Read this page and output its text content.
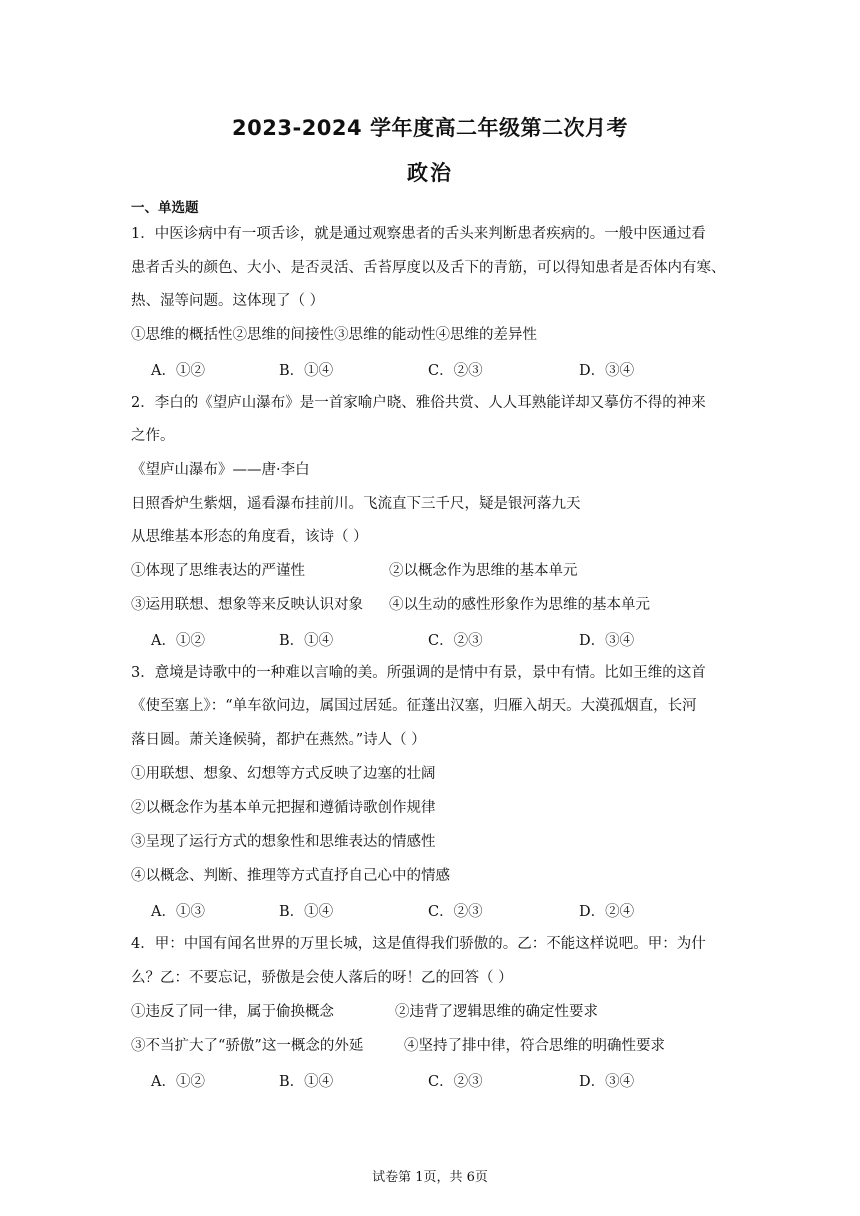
2023-2024 学年度高二年级第二次月考
政治
一、单选题
1．中医诊病中有一项舌诊，就是通过观察患者的舌头来判断患者疾病的。一般中医通过看
患者舌头的颜色、大小、是否灵活、舌苔厚度以及舌下的青筋，可以得知患者是否体内有寒、
热、湿等问题。这体现了（ ）
①思维的概括性②思维的间接性③思维的能动性④思维的差异性
A．①②	B．①④	C．②③	D．③④
2．李白的《望庐山瀑布》是一首家喻户晓、雅俗共赏、人人耳熟能详却又摹仿不得的神来
之作。
《望庐山瀑布》——唐·李白
日照香炉生紫烟，遥看瀑布挂前川。飞流直下三千尺，疑是银河落九天
从思维基本形态的角度看，该诗（ ）
①体现了思维表达的严谨性	②以概念作为思维的基本单元
③运用联想、想象等来反映认识对象 ④以生动的感性形象作为思维的基本单元
A．①②	B．①④	C．②③	D．③④
3．意境是诗歌中的一种难以言喻的美。所强调的是情中有景，景中有情。比如王维的这首
《使至塞上》：“单车欲问边，属国过居延。征蓬出汉塞，归雁入胡天。大漠孤烟直，长河
落日圆。萧关逢候骑，都护在燕然。”诗人（ ）
①用联想、想象、幻想等方式反映了边塞的壮阔
②以概念作为基本单元把握和遵循诗歌创作规律
③呈现了运行方式的想象性和思维表达的情感性
④以概念、判断、推理等方式直抒自己心中的情感
A．①③	B．①④	C．②③	D．②④
4．甲：中国有闻名世界的万里长城，这是值得我们骄傲的。乙：不能这样说吧。甲：为什
么？乙：不要忘记，骄傲是会使人落后的呀！乙的回答（ ）
①违反了同一律，属于偷换概念	②违背了逻辑思维的确定性要求
③不当扩大了“骄傲”这一概念的外延	④坚持了排中律，符合思维的明确性要求
A．①②	B．①④	C．②③	D．③④
试卷第 1页，共 6页
